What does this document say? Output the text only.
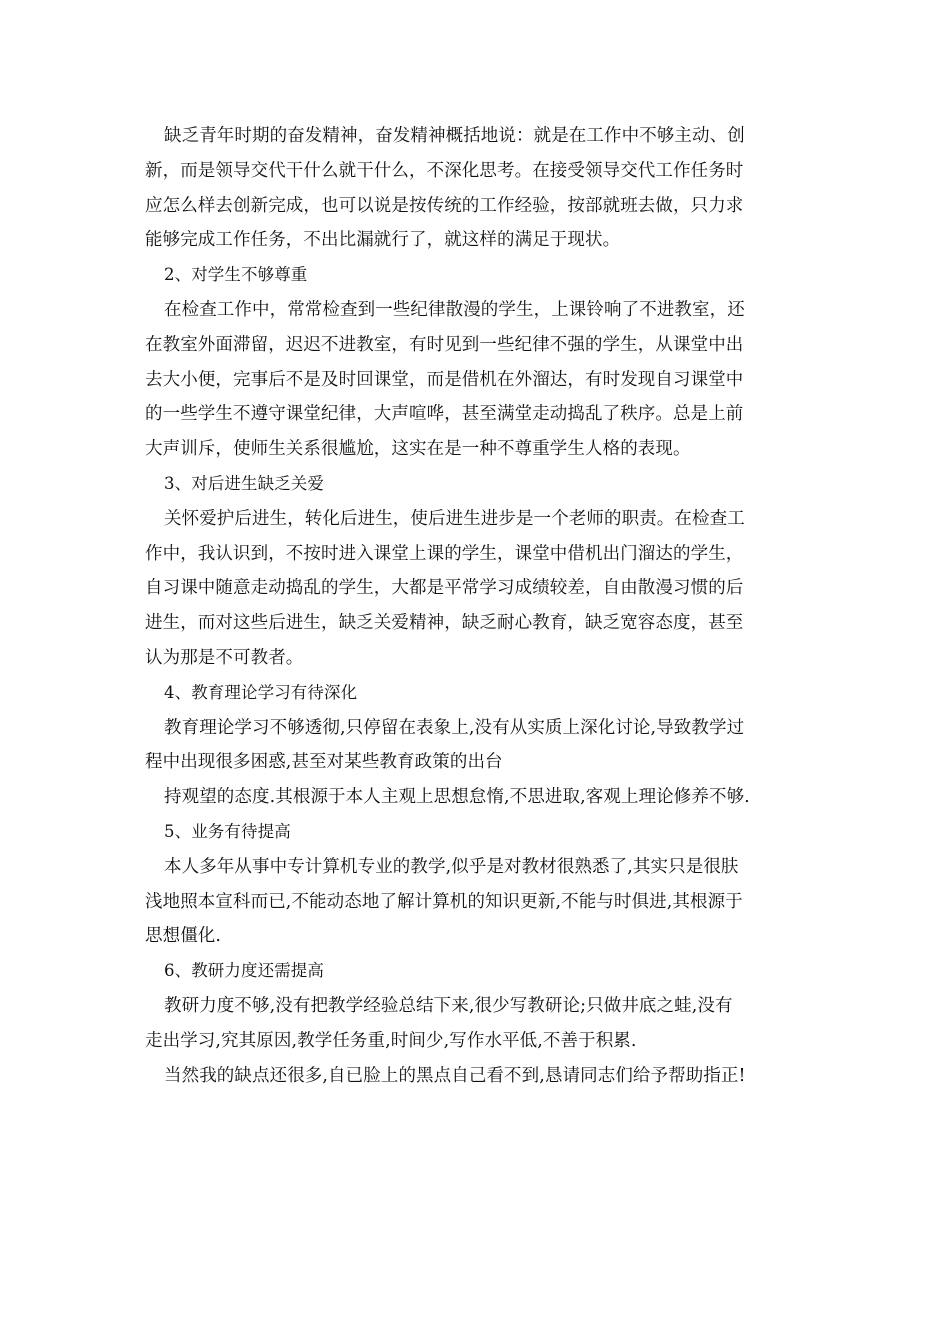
缺乏青年时期的奋发精神，奋发精神概括地说：就是在工作中不够主动、创
新，而是领导交代干什么就干什么，不深化思考。在接受领导交代工作任务时
应怎么样去创新完成，也可以说是按传统的工作经验，按部就班去做，只力求
能够完成工作任务，不出比漏就行了，就这样的满足于现状。
2、对学生不够尊重
在检查工作中，常常检查到一些纪律散漫的学生，上课铃响了不进教室，还
在教室外面滞留，迟迟不进教室，有时见到一些纪律不强的学生，从课堂中出
去大小便，完事后不是及时回课堂，而是借机在外溜达，有时发现自习课堂中
的一些学生不遵守课堂纪律，大声喧哗，甚至满堂走动捣乱了秩序。总是上前
大声训斥，使师生关系很尴尬，这实在是一种不尊重学生人格的表现。
3、对后进生缺乏关爱
关怀爱护后进生，转化后进生，使后进生进步是一个老师的职责。在检查工
作中，我认识到，不按时进入课堂上课的学生，课堂中借机出门溜达的学生，
自习课中随意走动捣乱的学生，大都是平常学习成绩较差，自由散漫习惯的后
进生，而对这些后进生，缺乏关爱精神，缺乏耐心教育，缺乏宽容态度，甚至
认为那是不可教者。
4、教育理论学习有待深化
教育理论学习不够透彻,只停留在表象上,没有从实质上深化讨论,导致教学过
程中出现很多困惑,甚至对某些教育政策的出台
持观望的态度.其根源于本人主观上思想怠惰,不思进取,客观上理论修养不够.
5、业务有待提高
本人多年从事中专计算机专业的教学,似乎是对教材很熟悉了,其实只是很肤
浅地照本宣科而已,不能动态地了解计算机的知识更新,不能与时俱进,其根源于
思想僵化.
6、教研力度还需提高
教研力度不够,没有把教学经验总结下来,很少写教研论;只做井底之蛙,没有
走出学习,究其原因,教学任务重,时间少,写作水平低,不善于积累.
当然我的缺点还很多,自已脸上的黑点自己看不到,恳请同志们给予帮助指正!
